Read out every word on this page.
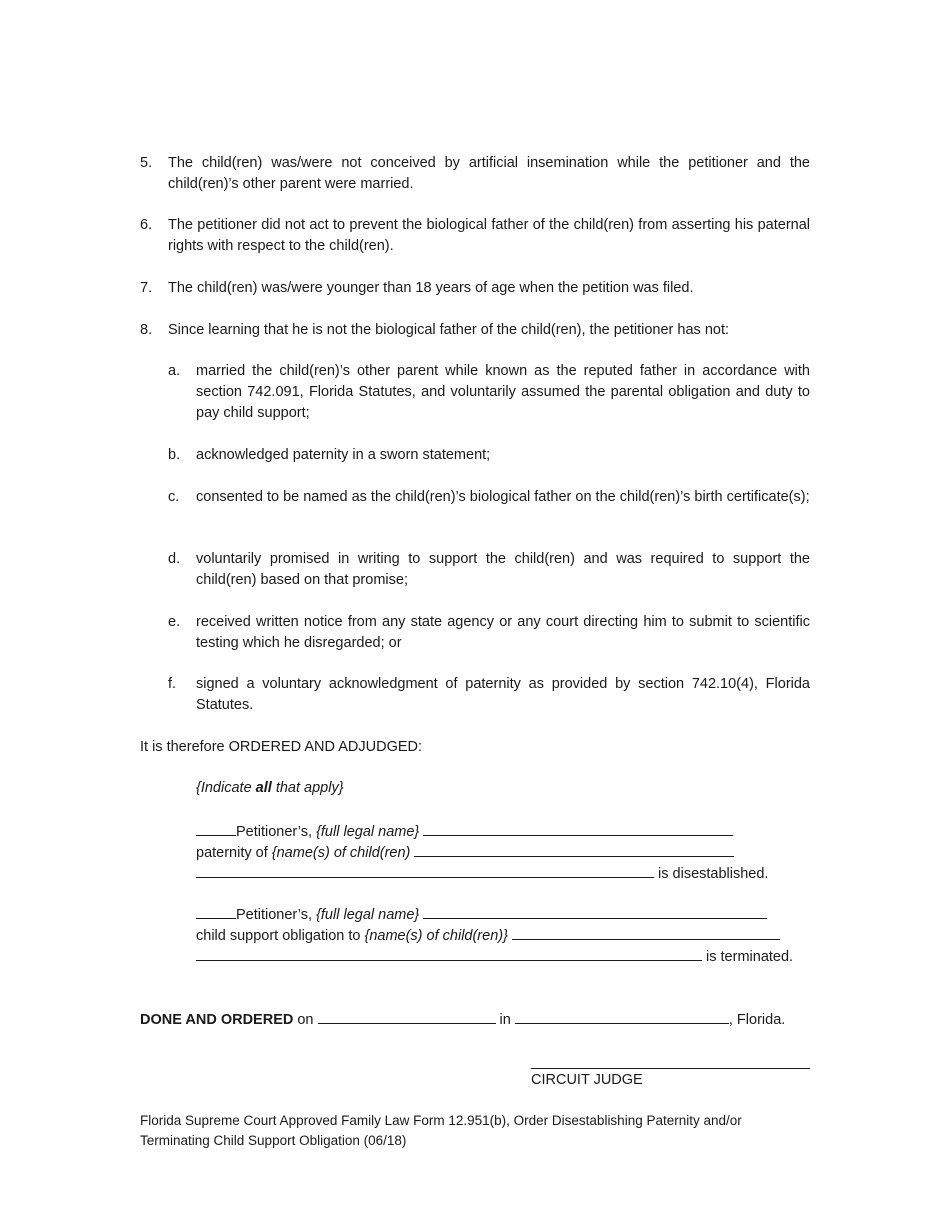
5. The child(ren) was/were not conceived by artificial insemination while the petitioner and the child(ren)’s other parent were married.
6. The petitioner did not act to prevent the biological father of the child(ren) from asserting his paternal rights with respect to the child(ren).
7. The child(ren) was/were younger than 18 years of age when the petition was filed.
8. Since learning that he is not the biological father of the child(ren), the petitioner has not:
a. married the child(ren)’s other parent while known as the reputed father in accordance with section 742.091, Florida Statutes, and voluntarily assumed the parental obligation and duty to pay child support;
b. acknowledged paternity in a sworn statement;
c. consented to be named as the child(ren)’s biological father on the child(ren)’s birth certificate(s);
d. voluntarily promised in writing to support the child(ren) and was required to support the child(ren) based on that promise;
e. received written notice from any state agency or any court directing him to submit to scientific testing which he disregarded; or
f. signed a voluntary acknowledgment of paternity as provided by section 742.10(4), Florida Statutes.
It is therefore ORDERED AND ADJUDGED:
{Indicate all that apply}
Petitioner’s, {full legal name}
paternity of {name(s) of child(ren)
is disestablished.
Petitioner’s, {full legal name}
child support obligation to {name(s) of child(ren)}
is terminated.
DONE AND ORDERED on	in	, Florida.
CIRCUIT JUDGE
Florida Supreme Court Approved Family Law Form 12.951(b), Order Disestablishing Paternity and/or
Terminating Child Support Obligation (06/18)
